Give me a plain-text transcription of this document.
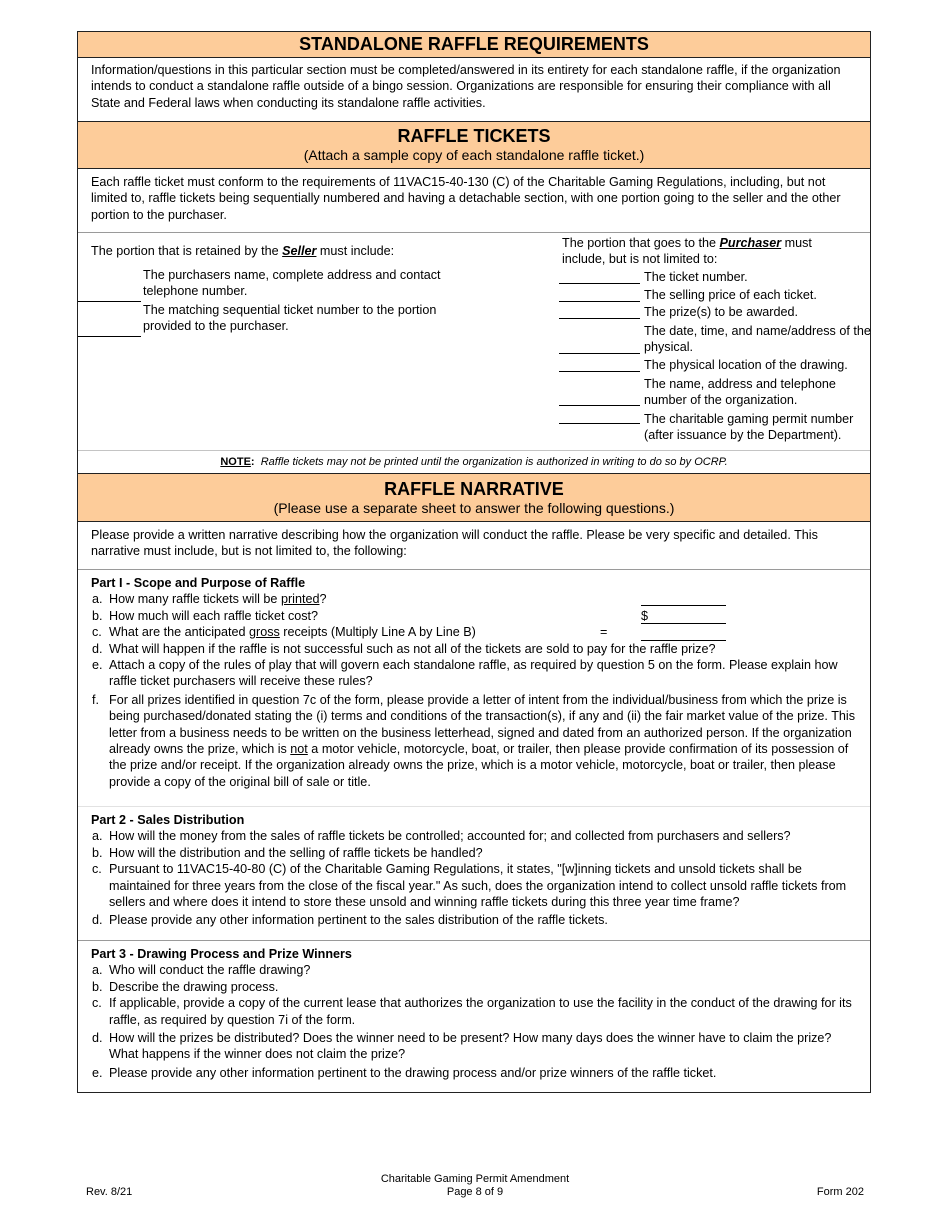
STANDALONE RAFFLE REQUIREMENTS
Information/questions in this particular section must be completed/answered in its entirety for each standalone raffle, if the organization intends to conduct a standalone raffle outside of a bingo session. Organizations are responsible for ensuring their compliance with all State and Federal laws when conducting its standalone raffle activities.
RAFFLE TICKETS
(Attach a sample copy of each standalone raffle ticket.)
Each raffle ticket must conform to the requirements of 11VAC15-40-130 (C) of the Charitable Gaming Regulations, including, but not limited to, raffle tickets being sequentially numbered and having a detachable section, with one portion going to the seller and the other portion to the purchaser.
The portion that is retained by the Seller must include:
The purchasers name, complete address and contact telephone number.
The matching sequential ticket number to the portion provided to the purchaser.
The portion that goes to the Purchaser must include, but is not limited to:
The ticket number.
The selling price of each ticket.
The prize(s) to be awarded.
The date, time, and name/address of the physical.
The physical location of the drawing.
The name, address and telephone number of the organization.
The charitable gaming permit number (after issuance by the Department).
NOTE: Raffle tickets may not be printed until the organization is authorized in writing to do so by OCRP.
RAFFLE NARRATIVE
(Please use a separate sheet to answer the following questions.)
Please provide a written narrative describing how the organization will conduct the raffle. Please be very specific and detailed. This narrative must include, but is not limited to, the following:
Part I - Scope and Purpose of Raffle
a. How many raffle tickets will be printed?
b. How much will each raffle ticket cost?	$
c. What are the anticipated gross receipts (Multiply Line A by Line B)	=
d. What will happen if the raffle is not successful such as not all of the tickets are sold to pay for the raffle prize?
e. Attach a copy of the rules of play that will govern each standalone raffle, as required by question 5 on the form. Please explain how raffle ticket purchasers will receive these rules?
f. For all prizes identified in question 7c of the form, please provide a letter of intent from the individual/business from which the prize is being purchased/donated stating the (i) terms and conditions of the transaction(s), if any and (ii) the fair market value of the prize. This letter from a business needs to be written on the business letterhead, signed and dated from an authorized person. If the organization already owns the prize, which is not a motor vehicle, motorcycle, boat, or trailer, then please provide confirmation of its possession of the prize and/or receipt. If the organization already owns the prize, which is a motor vehicle, motorcycle, boat or trailer, then please provide a copy of the original bill of sale or title.
Part 2 - Sales Distribution
a. How will the money from the sales of raffle tickets be controlled; accounted for; and collected from purchasers and sellers?
b. How will the distribution and the selling of raffle tickets be handled?
c. Pursuant to 11VAC15-40-80 (C) of the Charitable Gaming Regulations, it states, "[w]inning tickets and unsold tickets shall be maintained for three years from the close of the fiscal year." As such, does the organization intend to collect unsold raffle tickets from sellers and where does it intend to store these unsold and winning raffle tickets during this three year time frame?
d. Please provide any other information pertinent to the sales distribution of the raffle tickets.
Part 3 - Drawing Process and Prize Winners
a. Who will conduct the raffle drawing?
b. Describe the drawing process.
c. If applicable, provide a copy of the current lease that authorizes the organization to use the facility in the conduct of the drawing for its raffle, as required by question 7i of the form.
d. How will the prizes be distributed? Does the winner need to be present? How many days does the winner have to claim the prize? What happens if the winner does not claim the prize?
e. Please provide any other information pertinent to the drawing process and/or prize winners of the raffle ticket.
Rev. 8/21
Charitable Gaming Permit Amendment
Page 8 of 9	Form 202
